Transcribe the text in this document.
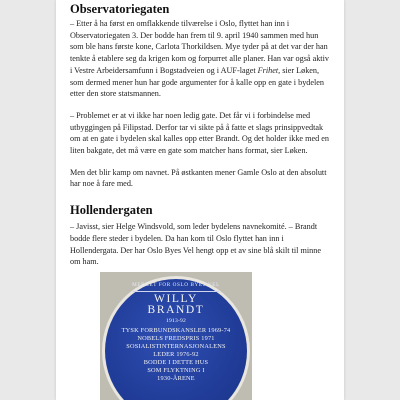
Observatoriegaten

– Etter å ha først en omflakkende tilværelse i Oslo, flyttet han inn i Observatoriegaten 3. Der bodde han frem til 9. april 1940 sammen med hun som ble hans første kone, Carlota Thorkildsen. Mye tyder på at det var der han tenkte å etablere seg da krigen kom og forpurret alle planer. Han var også aktiv i Vestre Arbeidersamfunn i Bogstadveien og i AUF-laget Frihet, sier Løken, som dermed mener hun har gode argumenter for å kalle opp en gate i bydelen etter den store statsmannen.

– Problemet er at vi ikke har noen ledig gate. Det får vi i forbindelse med utbyggingen på Filipstad. Derfor tar vi sikte på å fatte et slags prinsippvedtak om at en gate i bydelen skal kalles opp etter Brandt. Og det holder ikke med en liten bakgate, det må være en gate som matcher hans format, sier Løken.

Men det blir kamp om navnet. På østkanten mener Gamle Oslo at den absolutt har noe å fare med.

Hollendergaten

– Javisst, sier Helge Windsvold, som leder bydelens navnekomité. – Brandt bodde flere steder i bydelen. Da han kom til Oslo flyttet han inn i Hollendergata. Der har Oslo Byes Vel hengt opp et av sine blå skilt til minne om ham.

MERKET FOR OSLO BYES VEL
WILLY
BRANDT
1913-92
TYSK FORBUNDSKANSLER 1969-74
NOBELS FREDSPRIS 1971
SOSIALISTINTERNASJONALENS
LEDER 1976-92
BODDE I DETTE HUS
SOM FLYKTNING I
1930-ÅRENE
